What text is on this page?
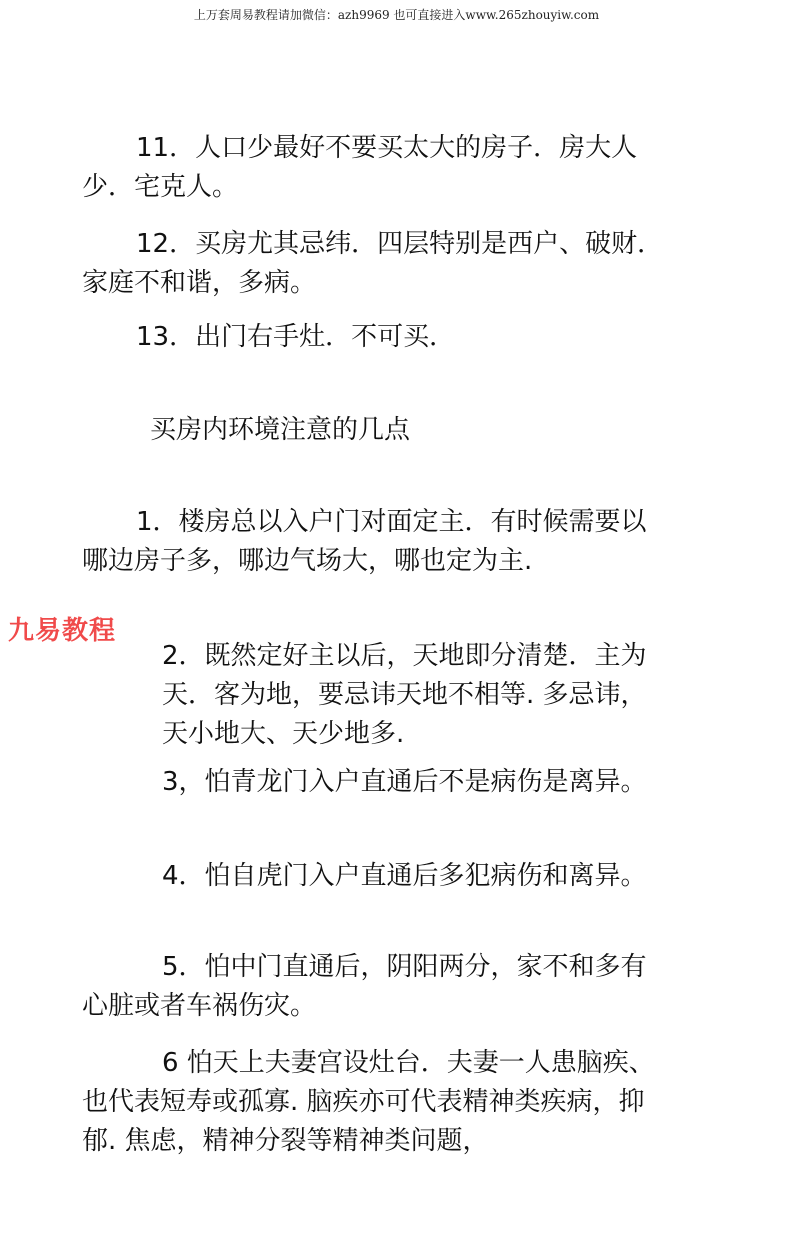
上万套周易教程请加微信：azh9969 也可直接进入www.265zhouyiw.com
九易教程
11．人口少最好不要买太大的房子．房大人
少．宅克人。
12．买房尤其忌纬．四层特别是西户、破财．
家庭不和谐，多病。
13．出门右手灶．不可买．
买房内环境注意的几点
1．楼房总以入户门对面定主．有时候需要以
哪边房子多，哪边气场大，哪也定为主.
2．既然定好主以后，天地即分清楚．主为
天．客为地，要忌讳天地不相等. 多忌讳，
天小地大、天少地多.
3，怕青龙门入户直通后不是病伤是离异。
4．怕自虎门入户直通后多犯病伤和离异。
5．怕中门直通后，阴阳两分，家不和多有
心脏或者车祸伤灾。
6 怕天上夫妻宫设灶台．夫妻一人患脑疾、
也代表短寿或孤寡. 脑疾亦可代表精神类疾病，抑
郁. 焦虑，精神分裂等精神类问题，
